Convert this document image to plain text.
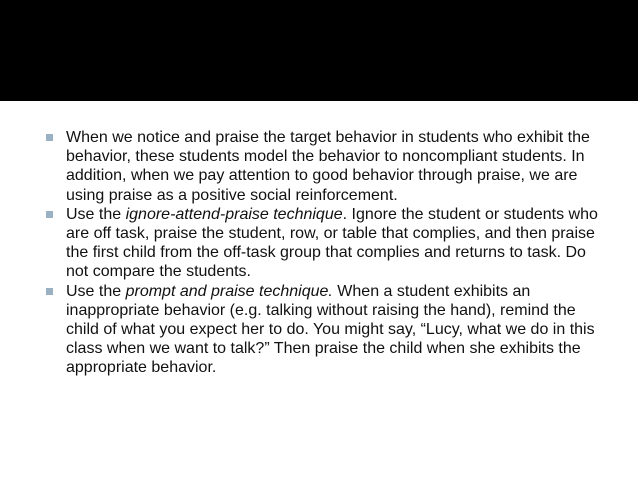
When we notice and praise the target behavior in students who exhibit the behavior, these students model the behavior to noncompliant students. In addition, when we pay attention to good behavior through praise, we are using praise as a positive social reinforcement.
Use the ignore-attend-praise technique. Ignore the student or students who are off task, praise the student, row, or table that complies, and then praise the first child from the off-task group that complies and returns to task. Do not compare the students.
Use the prompt and praise technique. When a student exhibits an inappropriate behavior (e.g. talking without raising the hand), remind the child of what you expect her to do. You might say, “Lucy, what we do in this class when we want to talk?” Then praise the child when she exhibits the appropriate behavior.
